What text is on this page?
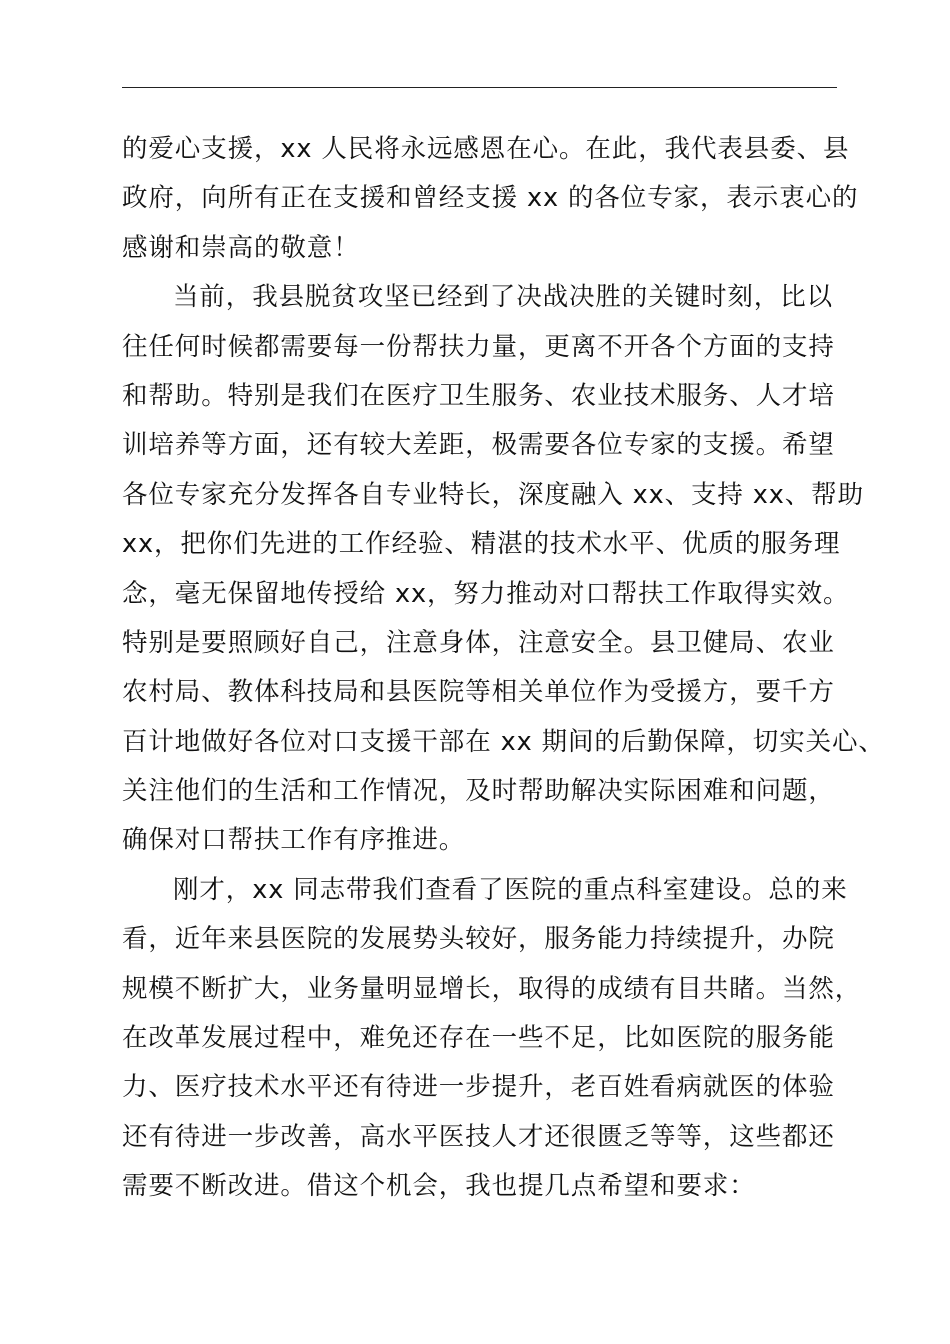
的爱心支援，xx 人民将永远感恩在心。在此，我代表县委、县
政府，向所有正在支援和曾经支援 xx 的各位专家，表示衷心的
感谢和崇高的敬意！
当前，我县脱贫攻坚已经到了决战决胜的关键时刻，比以
往任何时候都需要每一份帮扶力量，更离不开各个方面的支持
和帮助。特别是我们在医疗卫生服务、农业技术服务、人才培
训培养等方面，还有较大差距，极需要各位专家的支援。希望
各位专家充分发挥各自专业特长，深度融入 xx、支持 xx、帮助
xx，把你们先进的工作经验、精湛的技术水平、优质的服务理
念，毫无保留地传授给 xx，努力推动对口帮扶工作取得实效。
特别是要照顾好自己，注意身体，注意安全。县卫健局、农业
农村局、教体科技局和县医院等相关单位作为受援方，要千方
百计地做好各位对口支援干部在 xx 期间的后勤保障，切实关心、
关注他们的生活和工作情况，及时帮助解决实际困难和问题，
确保对口帮扶工作有序推进。
刚才，xx 同志带我们查看了医院的重点科室建设。总的来
看，近年来县医院的发展势头较好，服务能力持续提升，办院
规模不断扩大，业务量明显增长，取得的成绩有目共睹。当然，
在改革发展过程中，难免还存在一些不足，比如医院的服务能
力、医疗技术水平还有待进一步提升，老百姓看病就医的体验
还有待进一步改善，高水平医技人才还很匮乏等等，这些都还
需要不断改进。借这个机会，我也提几点希望和要求：
